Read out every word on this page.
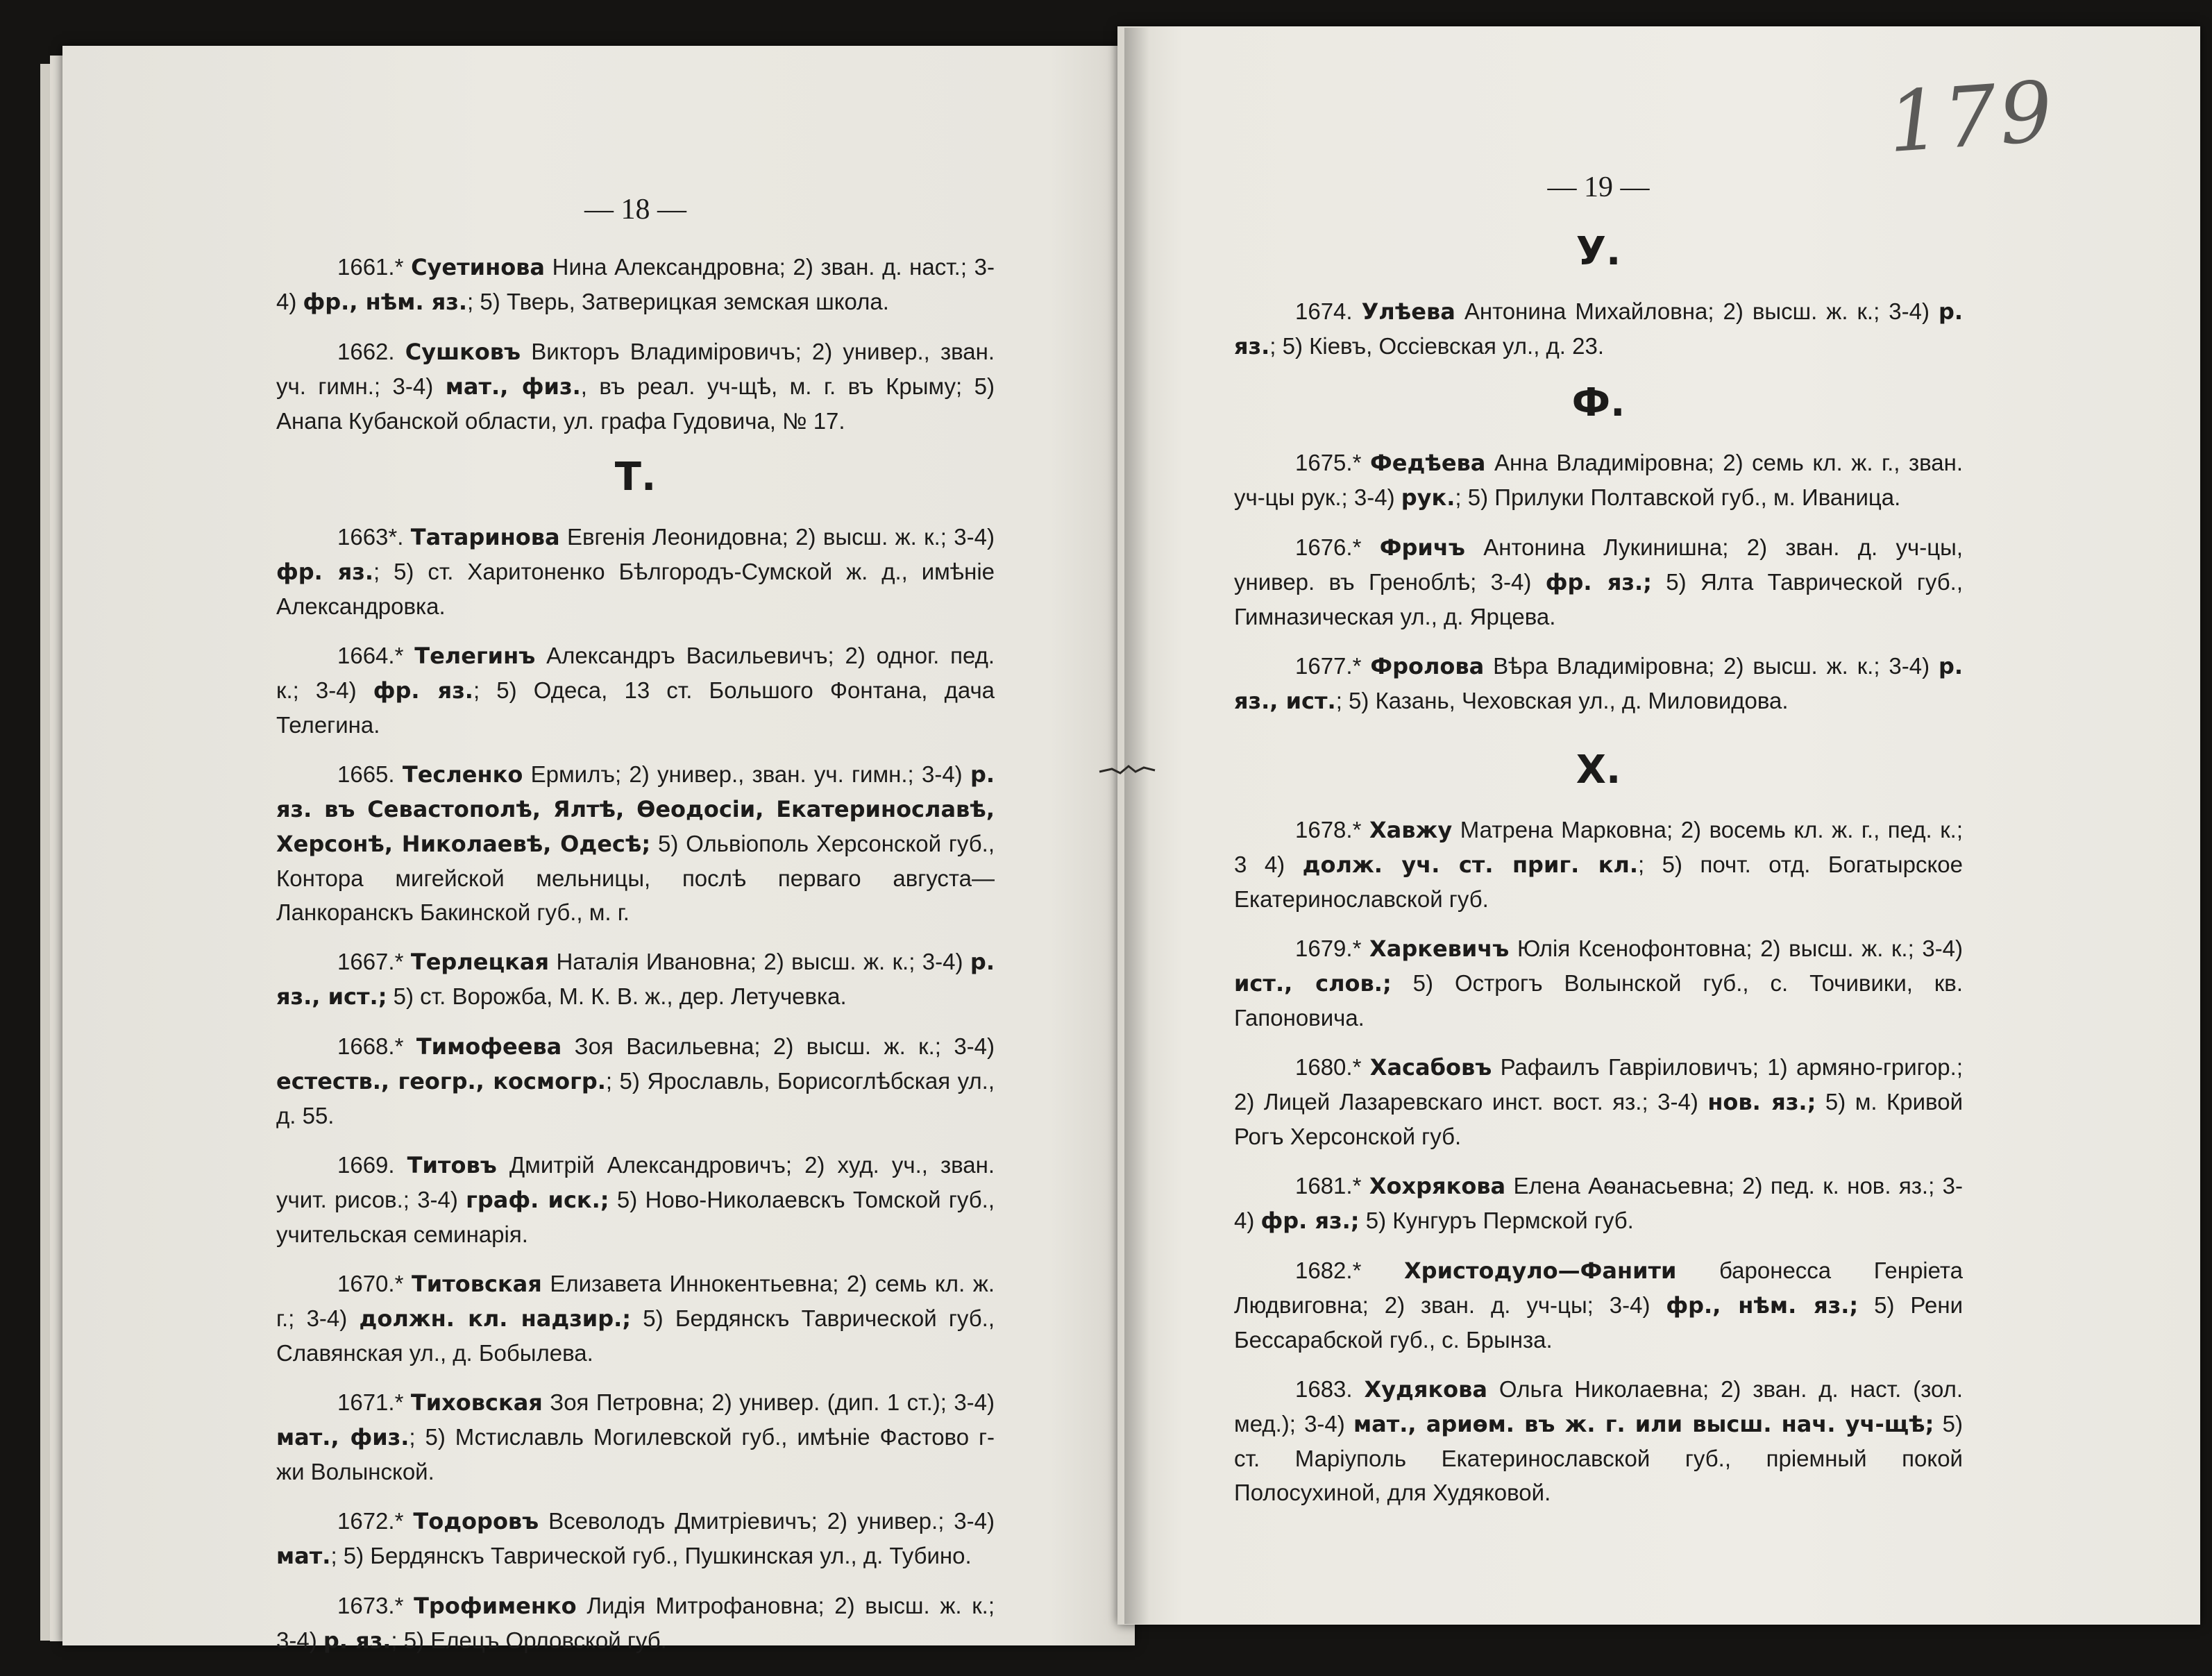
179
— 18 —

1661.* Суетинова Нина Александровна; 2) зван. д. наст.; 3-4) фр., нѣм. яз.; 5) Тверь, Затверицкая земская школа.

1662. Сушковъ Викторъ Владиміровичъ; 2) универ., зван. уч. гимн.; 3-4) мат., физ., въ реал. уч-щѣ, м. г. въ Крыму; 5) Анапа Кубанской области, ул. графа Гудовича, № 17.

Т.

1663*. Татаринова Евгенія Леонидовна; 2) высш. ж. к.; 3-4) фр. яз.; 5) ст. Харитоненко Бѣлгородъ-Сумской ж. д., имѣніе Александровка.

1664.* Телегинъ Александръ Васильевичъ; 2) одног. пед. к.; 3-4) фр. яз.; 5) Одеса, 13 ст. Большого Фонтана, дача Телегина.

1665. Тесленко Ермилъ; 2) универ., зван. уч. гимн.; 3-4) р. яз. въ Севастополѣ, Ялтѣ, Ѳеодосіи, Екатеринославѣ, Херсонѣ, Николаевѣ, Одесѣ; 5) Ольвіополь Херсонской губ., Контора мигейской мельницы, послѣ перваго августа—Ланкоранскъ Бакинской губ., м. г.

1667.* Терлецкая Наталія Ивановна; 2) высш. ж. к.; 3-4) р. яз., ист.; 5) ст. Ворожба, М. К. В. ж., дер. Летучевка.

1668.* Тимофеева Зоя Васильевна; 2) высш. ж. к.; 3-4) естеств., геогр., космогр.; 5) Ярославль, Борисоглѣбская ул., д. 55.

1669. Титовъ Дмитрій Александровичъ; 2) худ. уч., зван. учит. рисов.; 3-4) граф. иск.; 5) Ново-Николаевскъ Томской губ., учительская семинарія.

1670.* Титовская Елизавета Иннокентьевна; 2) семь кл. ж. г.; 3-4) должн. кл. надзир.; 5) Бердянскъ Таврической губ., Славянская ул., д. Бобылева.

1671.* Тиховская Зоя Петровна; 2) универ. (дип. 1 ст.); 3-4) мат., физ.; 5) Мстиславль Могилевской губ., имѣніе Фастово г-жи Волынской.

1672.* Тодоровъ Всеволодъ Дмитріевичъ; 2) универ.; 3-4) мат.; 5) Бердянскъ Таврической губ., Пушкинская ул., д. Тубино.

1673.* Трофименко Лидія Митрофановна; 2) высш. ж. к.; 3-4) р. яз.; 5) Елецъ Орловской губ.

— 19 —
У.

1674. Улѣева Антонина Михайловна; 2) высш. ж. к.; 3-4) р. яз.; 5) Кіевъ, Оссіевская ул., д. 23.

Ф.

1675.* Федѣева Анна Владиміровна; 2) семь кл. ж. г., зван. уч-цы рук.; 3-4) рук.; 5) Прилуки Полтавской губ., м. Иваница.

1676.* Фричъ Антонина Лукинишна; 2) зван. д. уч-цы, универ. въ Греноблѣ; 3-4) фр. яз.; 5) Ялта Таврической губ., Гимназическая ул., д. Ярцева.

1677.* Фролова Вѣра Владиміровна; 2) высш. ж. к.; 3-4) р. яз., ист.; 5) Казань, Чеховская ул., д. Миловидова.

Х.

1678.* Хавжу Матрена Марковна; 2) восемь кл. ж. г., пед. к.; 3 4) долж. уч. ст. приг. кл.; 5) почт. отд. Богатырское Екатеринославской губ.

1679.* Харкевичъ Юлія Ксенофонтовна; 2) высш. ж. к.; 3-4) ист., слов.; 5) Острогъ Волынской губ., с. Точивики, кв. Гапоновича.

1680.* Хасабовъ Рафаилъ Гавріиловичъ; 1) армяно-григор.; 2) Лицей Лазаревскаго инст. вост. яз.; 3-4) нов. яз.; 5) м. Кривой Рогъ Херсонской губ.

1681.* Хохрякова Елена Аѳанасьевна; 2) пед. к. нов. яз.; 3-4) фр. яз.; 5) Кунгуръ Пермской губ.

1682.* Христодуло—Фанити баронесса Генріета Людвиговна; 2) зван. д. уч-цы; 3-4) фр., нѣм. яз.; 5) Рени Бессарабской губ., с. Брынза.

1683. Худякова Ольга Николаевна; 2) зван. д. наст. (зол. мед.); 3-4) мат., ариѳм. въ ж. г. или высш. нач. уч-щѣ; 5) ст. Маріуполь Екатеринославской губ., пріемный покой Полосухиной, для Худяковой.
